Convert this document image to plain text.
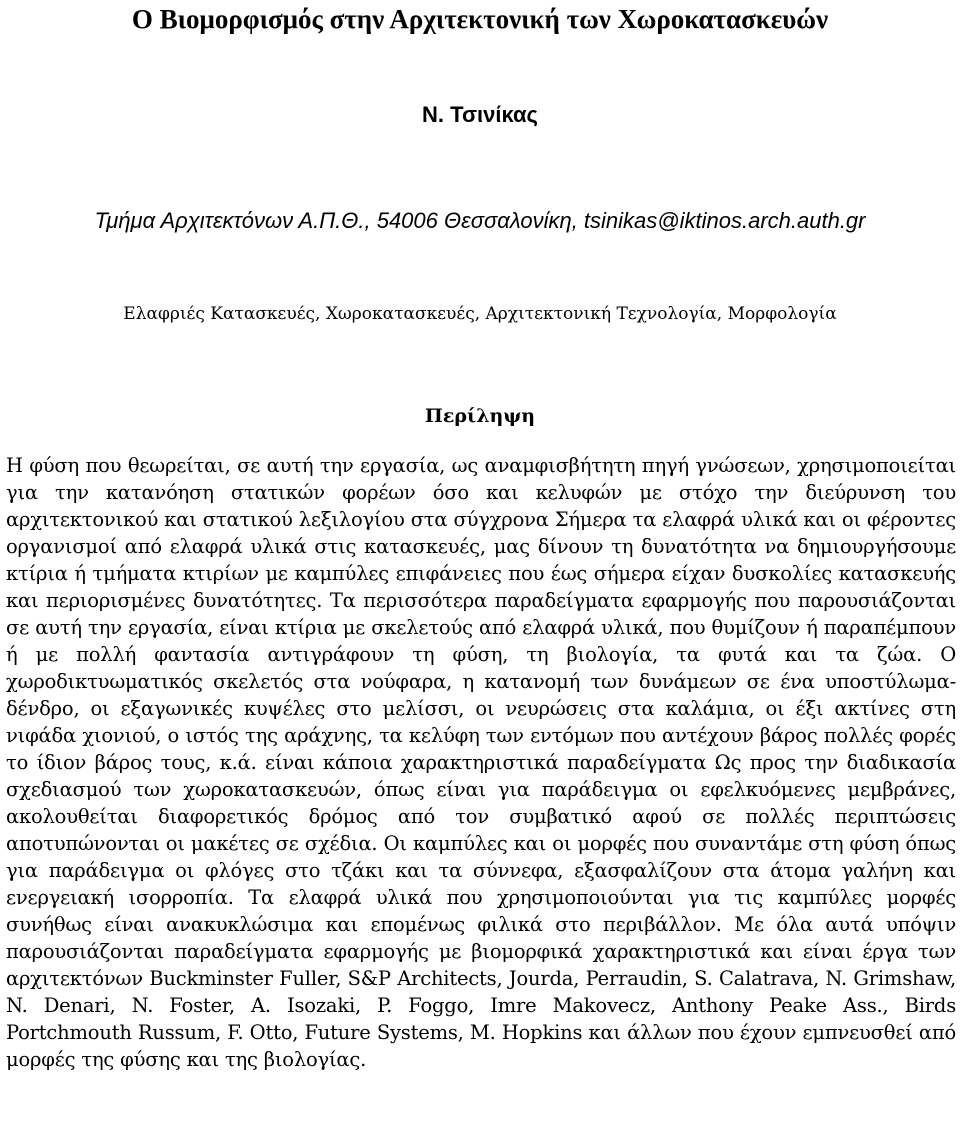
Ο Βιομορφισμός στην Αρχιτεκτονική των Χωροκατασκευών
Ν. Τσινίκας
Τμήμα Αρχιτεκτόνων Α.Π.Θ., 54006 Θεσσαλονίκη, tsinikas@iktinos.arch.auth.gr
Ελαφριές Κατασκευές, Χωροκατασκευές, Αρχιτεκτονική Τεχνολογία, Μορφολογία
Περίληψη

Η φύση που θεωρείται, σε αυτή την εργασία, ως αναμφισβήτητη πηγή γνώσεων, χρησιμοποιείται για την κατανόηση στατικών φορέων όσο και κελυφών με στόχο την διεύρυνση του αρχιτεκτονικού και στατικού λεξιλογίου στα σύγχρονα Σήμερα τα ελαφρά υλικά και οι φέροντες οργανισμοί από ελαφρά υλικά στις κατασκευές, μας δίνουν τη δυνατότητα να δημιουργήσουμε κτίρια ή τμήματα κτιρίων με καμπύλες επιφάνειες που έως σήμερα είχαν δυσκολίες κατασκευής και περιορισμένες δυνατότητες. Τα περισσότερα παραδείγματα εφαρμογής που παρουσιάζονται σε αυτή την εργασία, είναι κτίρια με σκελετούς από ελαφρά υλικά, που θυμίζουν ή παραπέμπουν ή με πολλή φαντασία αντιγράφουν τη φύση, τη βιολογία, τα φυτά και τα ζώα. Ο χωροδικτυωματικός σκελετός στα νούφαρα, η κατανομή των δυνάμεων σε ένα υποστύλωμα-δένδρο, οι εξαγωνικές κυψέλες στο μελίσσι, οι νευρώσεις στα καλάμια, οι έξι ακτίνες στη νιφάδα χιονιού, ο ιστός της αράχνης, τα κελύφη των εντόμων που αντέχουν βάρος πολλές φορές το ίδιον βάρος τους, κ.ά. είναι κάποια χαρακτηριστικά παραδείγματα Ως προς την διαδικασία σχεδιασμού των χωροκατασκευών, όπως είναι για παράδειγμα οι εφελκυόμενες μεμβράνες, ακολουθείται διαφορετικός δρόμος από τον συμβατικό αφού σε πολλές περιπτώσεις αποτυπώνονται οι μακέτες σε σχέδια. Οι καμπύλες και οι μορφές που συναντάμε στη φύση όπως για παράδειγμα οι φλόγες στο τζάκι και τα σύννεφα, εξασφαλίζουν στα άτομα γαλήνη και ενεργειακή ισορροπία. Τα ελαφρά υλικά που χρησιμοποιούνται για τις καμπύλες μορφές συνήθως είναι ανακυκλώσιμα και επομένως φιλικά στο περιβάλλον. Με όλα αυτά υπόψιν παρουσιάζονται παραδείγματα εφαρμογής με βιομορφικά χαρακτηριστικά και είναι έργα των αρχιτεκτόνων Buckminster Fuller, S&P Architects, Jourda, Perraudin, S. Calatrava, N. Grimshaw, N. Denari, N. Foster, A. Isozaki, P. Foggo, Imre Makovecz, Anthony Peake Ass., Birds Portchmouth Russum, F. Otto, Future Systems, M. Hopkins και άλλων που έχουν εμπνευσθεί από μορφές της φύσης και της βιολογίας.
